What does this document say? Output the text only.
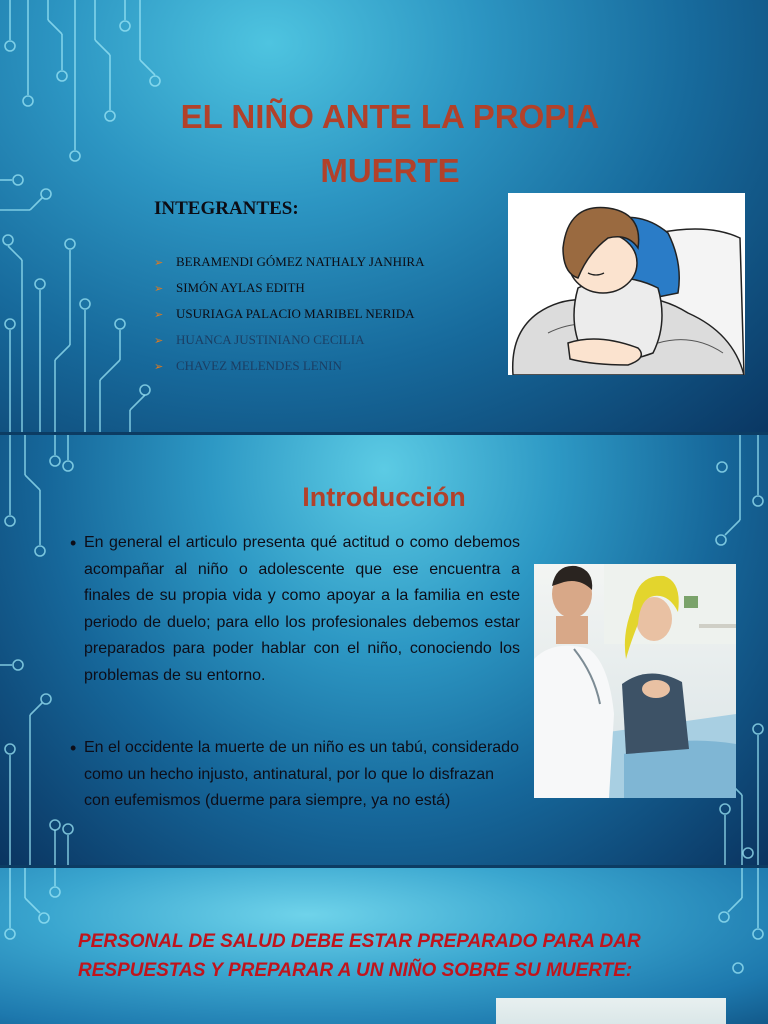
EL NIÑO ANTE LA PROPIA
MUERTE
INTEGRANTES:
➢ BERAMENDI GÓMEZ NATHALY JANHIRA
➢ SIMÓN AYLAS EDITH
➢ USURIAGA PALACIO MARIBEL NERIDA
➢ HUANCA JUSTINIANO CECILIA
➢ CHAVEZ MELENDES LENIN
Introducción
• En general el articulo presenta qué actitud o como debemos acompañar al niño o adolescente que ese encuentra a finales de su propia vida y como apoyar a la familia en este periodo de duelo; para ello los profesionales debemos estar preparados para poder hablar con el niño, conociendo los problemas de su entorno.
• En el occidente la muerte de un niño es un tabú, considerado como un hecho injusto, antinatural, por lo que lo disfrazan con eufemismos (duerme para siempre, ya no está)
PERSONAL DE SALUD DEBE ESTAR PREPARADO PARA DAR
RESPUESTAS Y PREPARAR A UN NIÑO SOBRE SU MUERTE:
